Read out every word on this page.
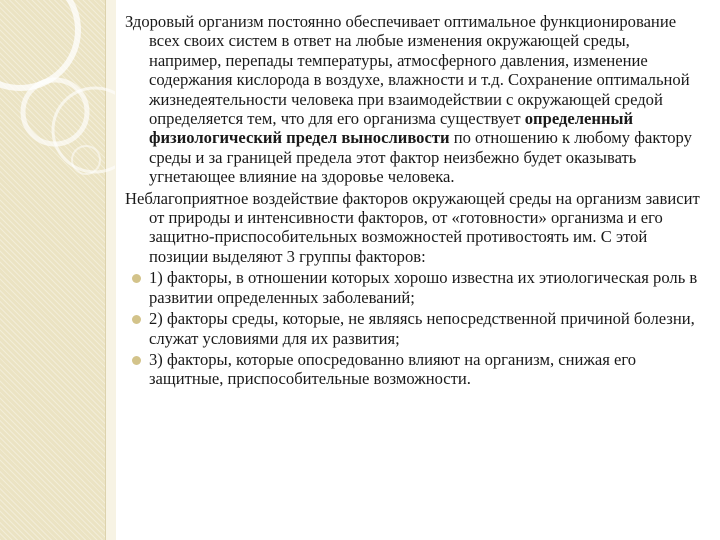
Здоровый организм постоянно обеспечивает оптимальное функционирование всех своих систем в ответ на любые изменения окружающей среды, например, перепады температуры, атмосферного давления, изменение содержания кислорода в воздухе, влажности и т.д. Сохранение оптимальной жизнедеятельности человека при взаимодействии с окружающей средой определяется тем, что для его организма существует определенный физиологический предел выносливости по отношению к любому фактору среды и за границей предела этот фактор неизбежно будет оказывать угнетающее влияние на здоровье человека.

Неблагоприятное воздействие факторов окружающей среды на организм зависит от природы и интенсивности факторов, от «готовности» организма и его защитно-приспособительных возможностей противостоять им. С этой позиции выделяют 3 группы факторов:

1) факторы, в отношении которых хорошо известна их этиологическая роль в развитии определенных заболеваний;
2) факторы среды, которые, не являясь непосредственной причиной болезни, служат условиями для их развития;
3) факторы, которые опосредованно влияют на организм, снижая его защитные, приспособительные возможности.
